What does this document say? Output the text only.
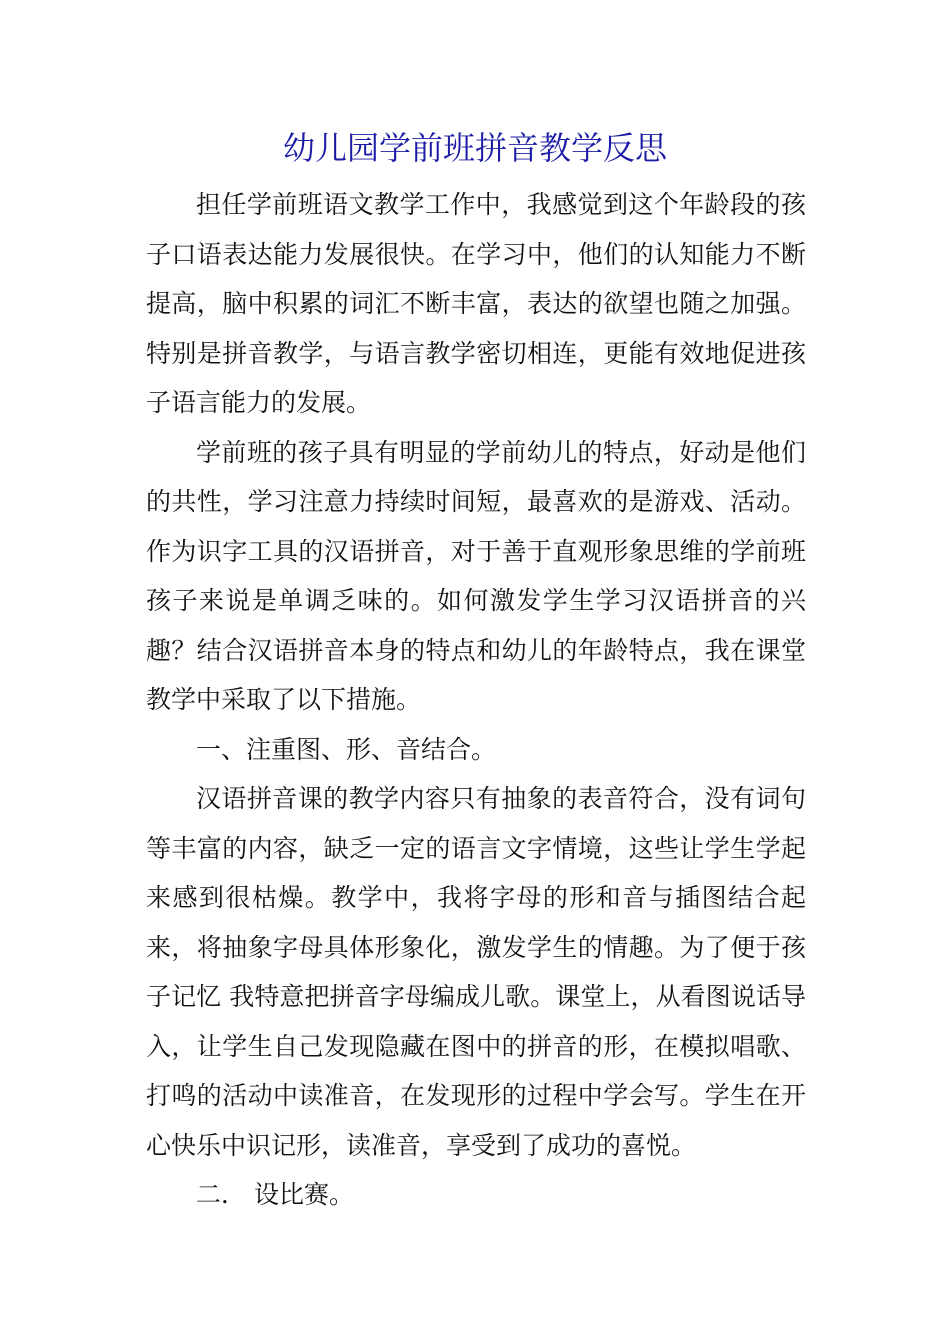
幼儿园学前班拼音教学反思

担任学前班语文教学工作中，我感觉到这个年龄段的孩子口语表达能力发展很快。在学习中，他们的认知能力不断提高，脑中积累的词汇不断丰富，表达的欲望也随之加强。特别是拼音教学，与语言教学密切相连，更能有效地促进孩子语言能力的发展。

学前班的孩子具有明显的学前幼儿的特点，好动是他们的共性，学习注意力持续时间短，最喜欢的是游戏、活动。作为识字工具的汉语拼音，对于善于直观形象思维的学前班孩子来说是单调乏味的。如何激发学生学习汉语拼音的兴趣？结合汉语拼音本身的特点和幼儿的年龄特点，我在课堂教学中采取了以下措施。

一、注重图、形、音结合。

汉语拼音课的教学内容只有抽象的表音符合，没有词句等丰富的内容，缺乏一定的语言文字情境，这些让学生学起来感到很枯燥。教学中，我将字母的形和音与插图结合起来，将抽象字母具体形象化，激发学生的情趣。为了便于孩子记忆 我特意把拼音字母编成儿歌。课堂上，从看图说话导入，让学生自己发现隐藏在图中的拼音的形，在模拟唱歌、打鸣的活动中读准音，在发现形的过程中学会写。学生在开心快乐中识记形，读准音，享受到了成功的喜悦。

二． 设比赛。
